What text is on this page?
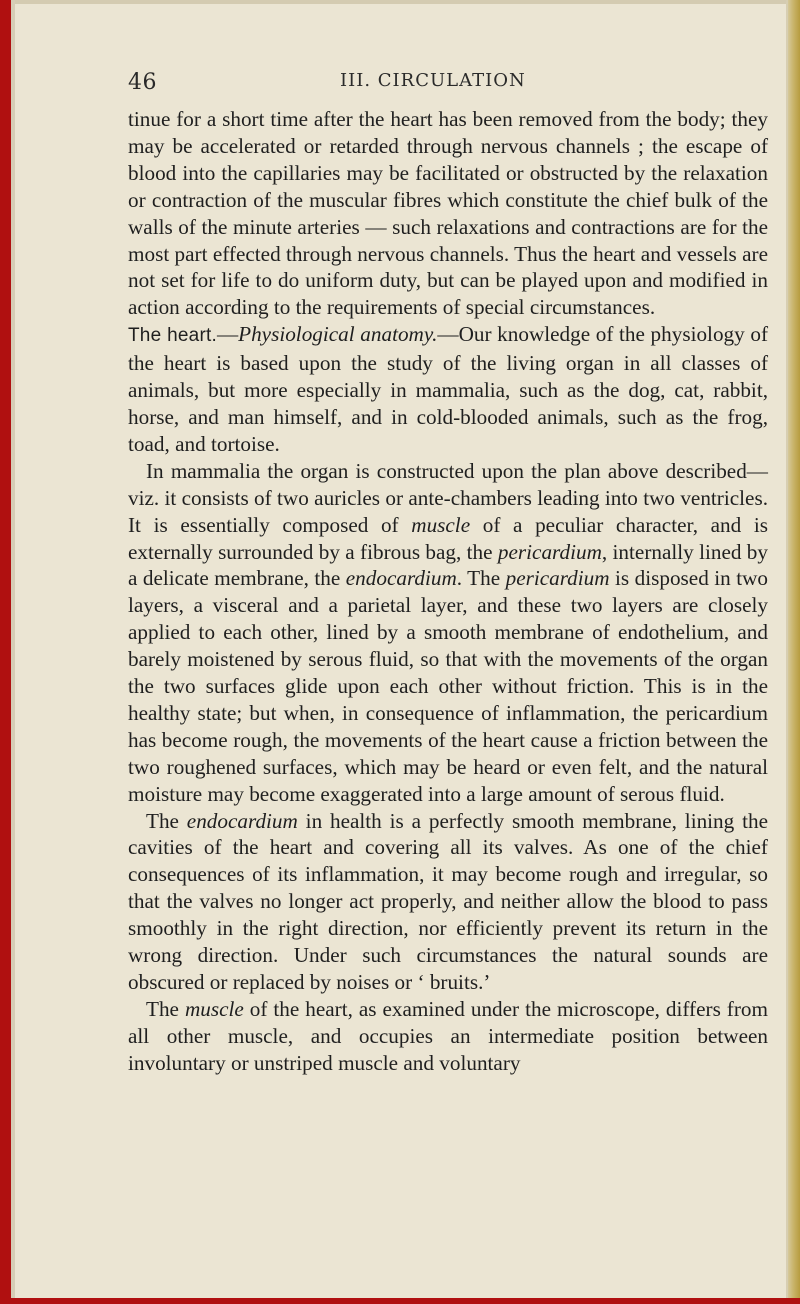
46	III. CIRCULATION

tinue for a short time after the heart has been removed from the body; they may be accelerated or retarded through nervous channels ; the escape of blood into the capillaries may be facilitated or obstructed by the relaxation or contraction of the muscular fibres which constitute the chief bulk of the walls of the minute arteries — such relaxations and contractions are for the most part effected through nervous channels. Thus the heart and vessels are not set for life to do uniform duty, but can be played upon and modified in action according to the requirements of special circumstances.

The heart.—Physiological anatomy.—Our knowledge of the physiology of the heart is based upon the study of the living organ in all classes of animals, but more especially in mammalia, such as the dog, cat, rabbit, horse, and man himself, and in cold-blooded animals, such as the frog, toad, and tortoise.

In mammalia the organ is constructed upon the plan above described—viz. it consists of two auricles or ante-chambers leading into two ventricles. It is essentially composed of muscle of a peculiar character, and is externally surrounded by a fibrous bag, the pericardium, internally lined by a delicate membrane, the endocardium. The pericardium is disposed in two layers, a visceral and a parietal layer, and these two layers are closely applied to each other, lined by a smooth membrane of endothelium, and barely moistened by serous fluid, so that with the movements of the organ the two surfaces glide upon each other without friction. This is in the healthy state; but when, in consequence of inflammation, the pericardium has become rough, the movements of the heart cause a friction between the two roughened surfaces, which may be heard or even felt, and the natural moisture may become exaggerated into a large amount of serous fluid.

The endocardium in health is a perfectly smooth membrane, lining the cavities of the heart and covering all its valves. As one of the chief consequences of its inflammation, it may become rough and irregular, so that the valves no longer act properly, and neither allow the blood to pass smoothly in the right direction, nor efficiently prevent its return in the wrong direction. Under such circumstances the natural sounds are obscured or replaced by noises or ‘ bruits.’

The muscle of the heart, as examined under the microscope, differs from all other muscle, and occupies an intermediate position between involuntary or unstriped muscle and voluntary
